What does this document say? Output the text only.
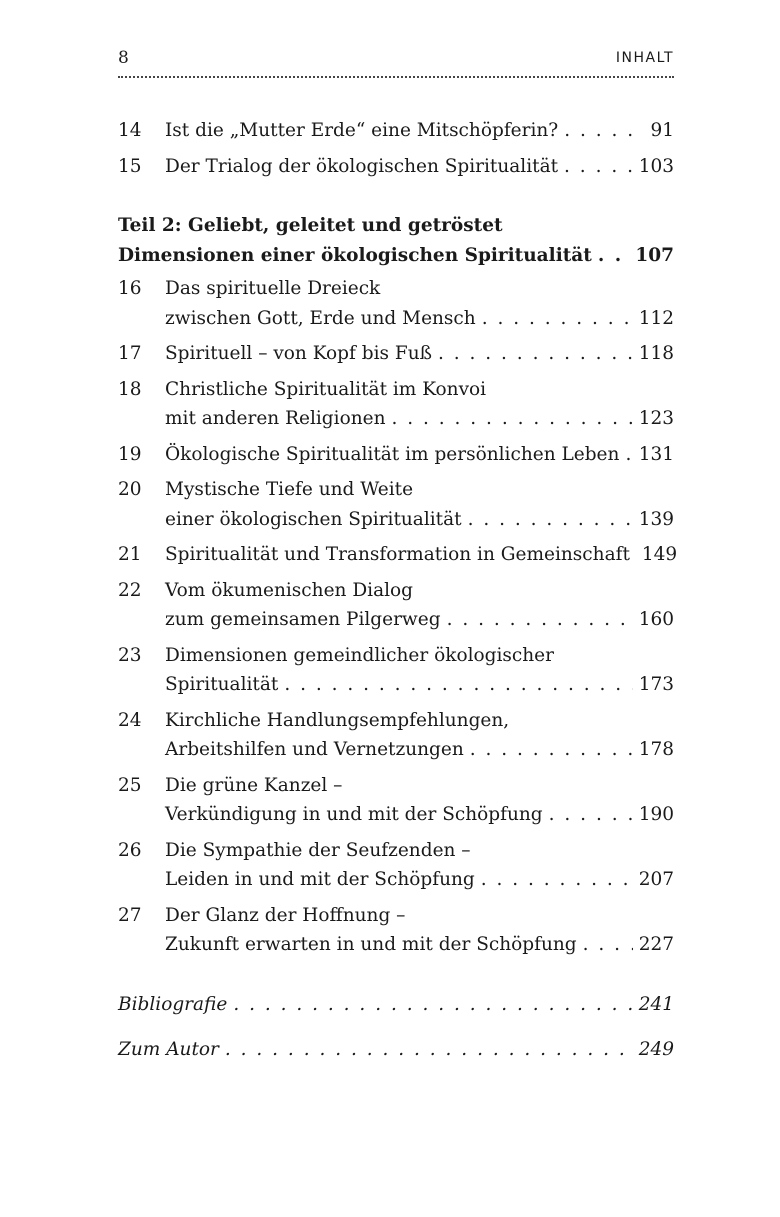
8	INHALT
14	Ist die „Mutter Erde“ eine Mitschöpferin? . . .	91
15	Der Trialog der ökologischen Spiritualität . . .	103
Teil 2: Geliebt, geleitet und getröstet
Dimensionen einer ökologischen Spiritualität . . . 107
16	Das spirituelle Dreieck
zwischen Gott, Erde und Mensch . . .	112
17	Spirituell – von Kopf bis Fuß . . .	118
18	Christliche Spiritualität im Konvoi
mit anderen Religionen . . .	123
19	Ökologische Spiritualität im persönlichen Leben . . . 131
20	Mystische Tiefe und Weite
einer ökologischen Spiritualität . . .	139
21	Spiritualität und Transformation in Gemeinschaft 149
22	Vom ökumenischen Dialog
zum gemeinsamen Pilgerweg . . .	160
23	Dimensionen gemeindlicher ökologischer
Spiritualität . . .	173
24	Kirchliche Handlungsempfehlungen,
Arbeitshilfen und Vernetzungen . . .	178
25	Die grüne Kanzel –
Verkündigung in und mit der Schöpfung . . .	190
26	Die Sympathie der Seufzenden –
Leiden in und mit der Schöpfung . . .	207
27	Der Glanz der Hoffnung –
Zukunft erwarten in und mit der Schöpfung . . .	227
Bibliografie . . .	241
Zum Autor . . .	249
